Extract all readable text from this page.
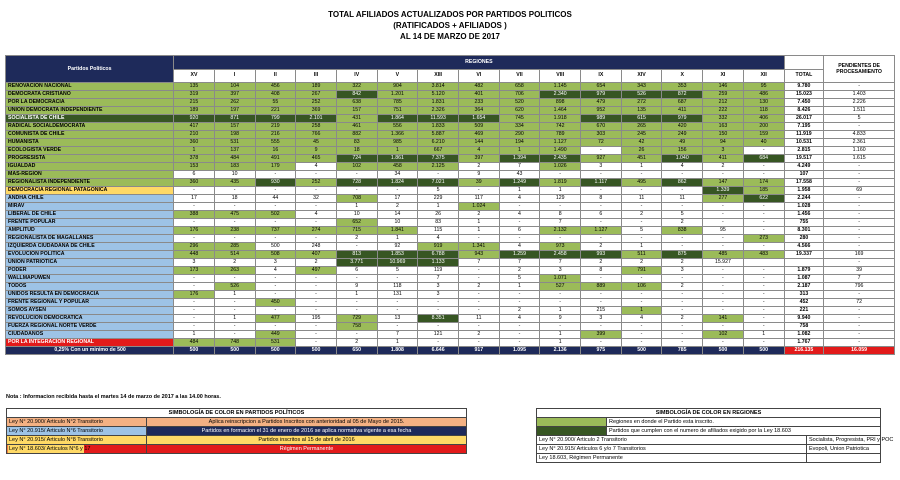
TOTAL AFILIADOS ACTUALIZADOS POR PARTIDOS POLITICOS
(RATIFICADOS + AFILIADOS )
AL 14 DE MARZO DE 2017
Partidos Politicos	REGIONES																PENDIENTES DE PROCESAMIENTO
	XV	I	II	III	IV	V	XIII	VI	VII	VIII	IX	XIV	X	XI	XII	TOTAL	
RENOVACION NACIONAL	135	104	456	189	322	904	3.814	482	658	1.145	654	343	353	146	95	9.780	-
DEMOCRATA CRISTIANO	319	397	408	267	842	1.201	5.120	401	706	2.340	979	526	872	259	486	15.023	1.403
POR LA DEMOCRACIA	215	262	55	252	638	785	1.831	233	520	898	479	272	687	212	130	7.450	2.226
UNION DEMOCRATA INDEPENDIENTE	189	197	221	369	157	751	2.326	364	620	1.464	952	135	411	222	118	8.426	1.511
SOCIALISTA DE CHILE	920	871	799	2.101	431	1.864	11.593	1.654	745	1.918	989	615	979	332	406	26.017	5
RADICAL SOCIALDEMOCRATA	417	157	219	258	461	556	1.833	509	334	742	670	265	420	163	200	7.195	-
COMUNISTA DE CHILE	210	198	216	766	882	1.366	5.887	469	290	789	303	245	249	150	159	11.919	4.833
HUMANISTA	360	531	555	45	83	985	6.210	144	194	1.127	72	42	49	94	40	10.531	2.361
ECOLOGISTA VERDE	1	137	16	9	18	1	667	4	1	1.490	-	26	156	3	-	2.815	1.160
PROGRESISTA	378	484	491	465	724	1.861	7.375	397	1.394	2.435	927	451	1.040	411	684	19.517	1.615
IGUALDAD	153	183	179	4	102	458	2.125	2	7	1.026	3	1	4	2	-	4.249	-
MAS-REGION	6	10	-	-	-	34	-	9	43	-	-	-	-	-	-	107	-
REGIONALISTA INDEPENDIENTE	360	435	930	252	728	1.824	7.021	39	1.249	1.819	1.117	495	862	147	174	17.558	-
DEMOCRACIA REGIONAL PATAGONICA	-	-	-	-	-	-	5	-	1	1	-	-	-	1.339	185	1.958	69
ANDHA CHILE	17	18	44	32	708	17	229	117	4	129	8	11	11	277	622	2.244	-
MIRAV	-	-	-	-	1	2	1	1.024	-	-	-	-	-	-	-	1.028	-
LIBERAL DE CHILE	388	475	502	4	10	14	26	2	4	8	6	2	5	-	-	1.456	-
FRENTE POPULAR	-	-	-	-	652	10	83	1	-	7	-	-	2	-	-	755	-
AMPLITUD	176	238	737	274	715	1.841	115	1	6	2.132	1.127	5	838	95	-	8.301	-
REGIONALISTA DE MAGALLANES	-	-	-	-	2	1	4	-	-	-	-	-	-	-	273	280	-
IZQUIERDA CIUDADANA DE CHILE	296	285	500	248	-	92	919	1.341	4	973	2	1	-	-	-	4.566	-
EVOLUCION POLITICA	448	514	508	407	813	1.853	6.788	943	1.259	2.458	993	511	875	485	483	19.337	169
UNION PATRIOTICA	3	2	3	2	3.771	10.969	1.133	7	7	7	2	2	2	15.927			-
PODER	173	263	4	497	6	5	119	-	2	3	8	791	3	-	-	1.879	39
WALLMAPUWEN	-	-	-	-	-	-	7	-	5	1.071	-	-	-	-	-	1.087	7
TODOS	-	526	-	-	9	118	3	2	1	527	889	106	2	-	-	2.187	796
UNIDOS RESULTA EN DEMOCRACIA	176	1	-	-	1	131	3	-	-	-	-	-	-	-	-	313	-
FRENTE REGIONAL Y POPULAR	-	-	450	-	-	-	-	-	-	-	-	-	-	-	-	452	72
SOMOS AYSEN	-	-	-	-	-	-	-	-	2	1	215	1	-	-	-	221	-
REVOLUCION DEMOCRATICA	-	1	477	195	729	13	8.351	11	4	9	3	4	2	141	-	9.940	-
FUERZA REGIONAL NORTE VERDE	-	-	-	-	758	-	-	-	-	-	-	-	-	-	-	758	-
CIUDADANOS	1	-	449	-	-	7	121	2	-	1	399	-	-	102	1	1.082	-
POR LA INTEGRACION REGIONAL	484	748	531	-	2	1	-	-	-	1	-	-	-	-	-	1.767	-
0,25% Con un minimo de 500	500	500	500	500	650	1.808	6.646	917	1.095	2.136	975	500	785	500	500	216.135	16.059
Nota : Informacion recibida hasta el martes 14 de marzo de 2017 a las 14.00 horas.
SIMBOLOGÍA DE COLOR EN PARTIDOS POLÍTICOS	
Ley N° 20.900/ Articulo N°2 Transitorio	Aplica reinscripcion a Partidos Inscritos con anterioridad al 05 de Mayo de 2015.
Ley N° 20.915/ Articulo N°6 Transitorio	Partidos en formacion el 31 de enero de 2016 se aplica normativa vigente a esa fecha
Ley N° 20.915/ Articulo N°8 Transitorio	Partidos inscritos al 15 de abril de 2016
Ley N° 18.603/ Articulos N°6 y 17	Régimen Permanente
SIMBOLOGÍA DE COLOR EN REGIONES		
	Regiones en donde el Partido esta inscrito.	
	Partidos que cumplen con el numero de afiliados exigido por la Ley 18.603	
Ley N° 20.900/ Articulo 2 Transitorio		Socialista, Progresista, PRI y POC
Ley N° 20.915/ Articulos 6 y/o 7 Transitorios		Evopoli, Union Patriotica
Ley 18.603, Régimen Permanente		
